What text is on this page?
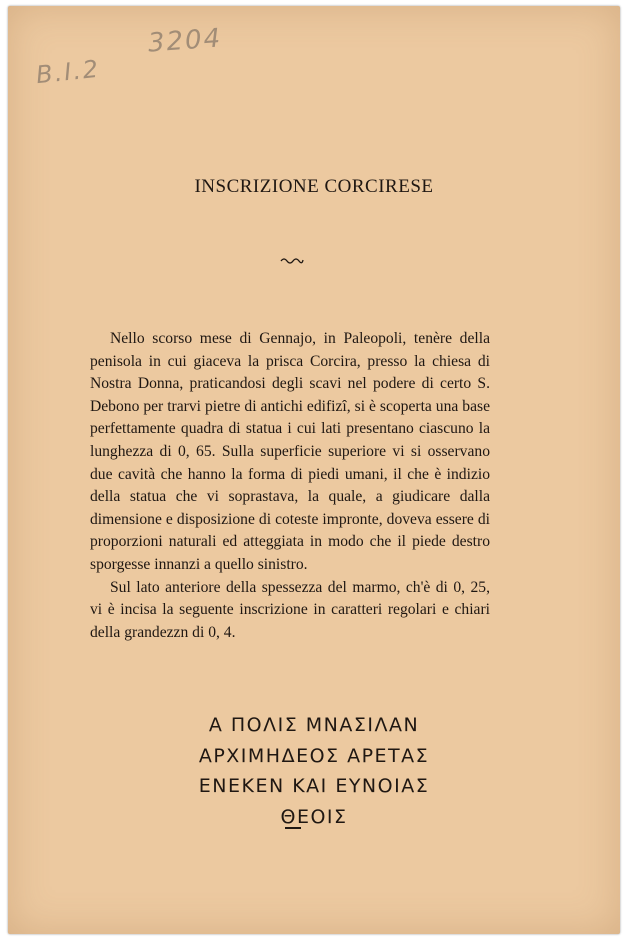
3204
B.I.2
INSCRIZIONE CORCIRESE

Nello scorso mese di Gennajo, in Paleopoli, tenère della penisola in cui giaceva la prisca Corcira, presso la chiesa di Nostra Donna, praticandosi degli scavi nel podere di certo S. Debono per trarvi pietre di antichi edifizî, si è scoperta una base perfettamente quadra di statua i cui lati presentano ciascuno la lunghezza di 0, 65. Sulla superficie superiore vi si osservano due cavità che hanno la forma di piedi umani, il che è indizio della statua che vi soprastava, la quale, a giudicare dalla dimensione e disposizione di coteste impronte, doveva essere di proporzioni naturali ed atteggiata in modo che il piede destro sporgesse innanzi a quello sinistro.

Sul lato anteriore della spessezza del marmo, ch'è di 0, 25, vi è incisa la seguente inscrizione in caratteri regolari e chiari della grandezzn di 0, 4.

Α ΠΟΛΙΣ ΜΝΑΣΙΛΑΝ
ΑΡΧΙΜΗΔΕΟΣ ΑΡΕΤΑΣ
ΕΝΕΚΕΝ ΚΑΙ ΕΥΝΟΙΑΣ
ΘΕΟΙΣ
